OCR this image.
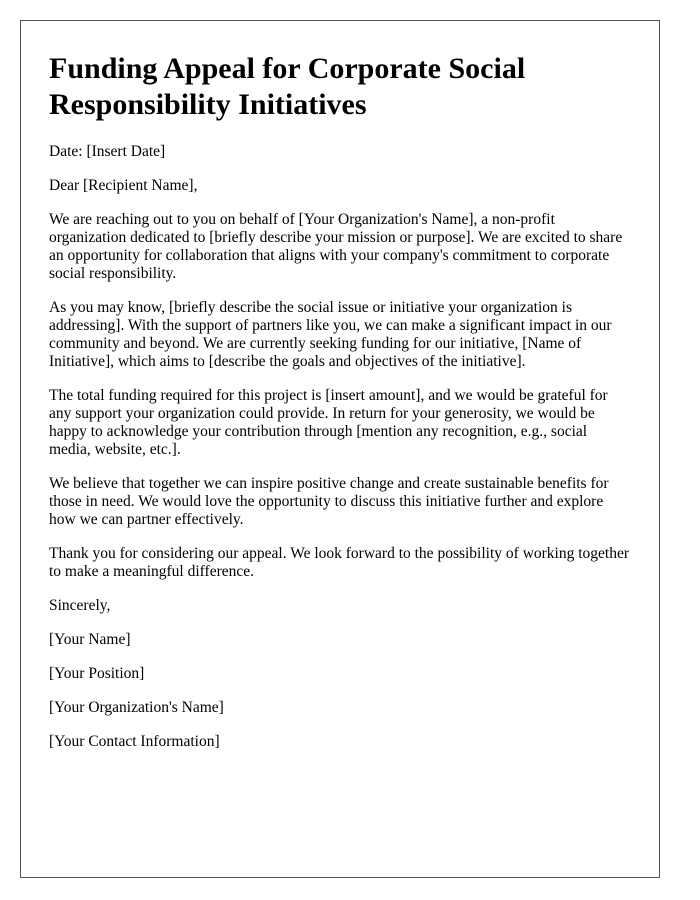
Funding Appeal for Corporate Social Responsibility Initiatives

Date: [Insert Date]

Dear [Recipient Name],

We are reaching out to you on behalf of [Your Organization's Name], a non-profit organization dedicated to [briefly describe your mission or purpose]. We are excited to share an opportunity for collaboration that aligns with your company's commitment to corporate social responsibility.

As you may know, [briefly describe the social issue or initiative your organization is addressing]. With the support of partners like you, we can make a significant impact in our community and beyond. We are currently seeking funding for our initiative, [Name of Initiative], which aims to [describe the goals and objectives of the initiative].

The total funding required for this project is [insert amount], and we would be grateful for any support your organization could provide. In return for your generosity, we would be happy to acknowledge your contribution through [mention any recognition, e.g., social media, website, etc.].

We believe that together we can inspire positive change and create sustainable benefits for those in need. We would love the opportunity to discuss this initiative further and explore how we can partner effectively.

Thank you for considering our appeal. We look forward to the possibility of working together to make a meaningful difference.

Sincerely,

[Your Name]

[Your Position]

[Your Organization's Name]

[Your Contact Information]
